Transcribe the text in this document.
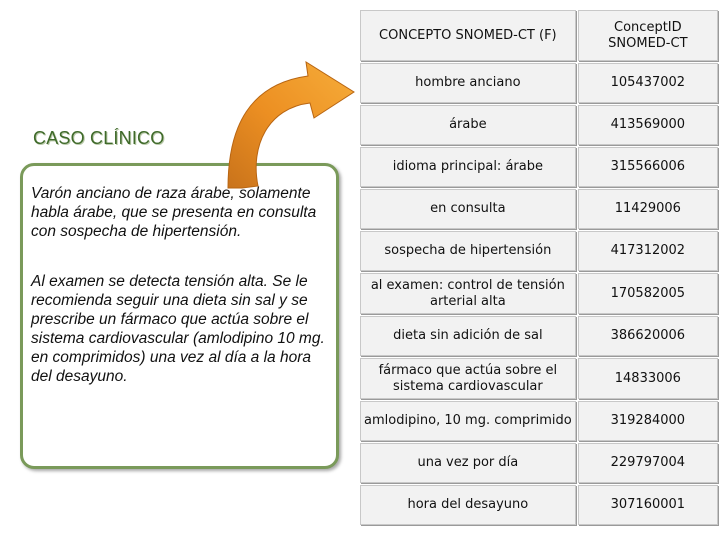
CASO CLÍNICO

Varón anciano de raza árabe, solamente habla árabe, que se presenta en consulta con sospecha de hipertensión.

Al examen se detecta tensión alta. Se le recomienda seguir una dieta sin sal y se prescribe un fármaco que actúa sobre el sistema cardiovascular (amlodipino 10 mg. en comprimidos) una vez al día a la hora del desayuno.

CONCEPTO SNOMED-CT (F)	ConceptID SNOMED-CT
hombre anciano	105437002
árabe	413569000
idioma principal: árabe	315566006
en consulta	11429006
sospecha de hipertensión	417312002
al examen: control de tensión arterial alta	170582005
dieta sin adición de sal	386620006
fármaco que actúa sobre el sistema cardiovascular	14833006
amlodipino, 10 mg. comprimido	319284000
una vez por día	229797004
hora del desayuno	307160001
